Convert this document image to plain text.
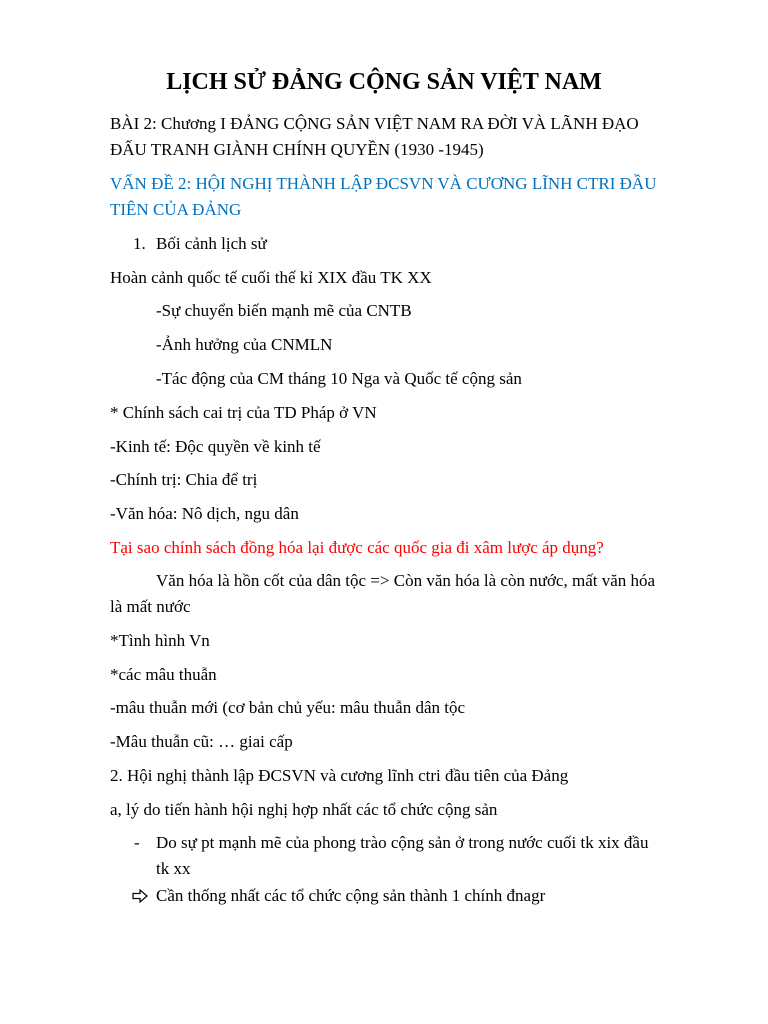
LỊCH SỬ ĐẢNG CỘNG SẢN VIỆT NAM

BÀI 2: Chương I ĐẢNG CỘNG SẢN VIỆT NAM RA ĐỜI VÀ LÃNH ĐẠO

ĐẤU TRANH GIÀNH CHÍNH QUYỀN (1930 -1945)

VẤN ĐỀ 2: HỘI NGHỊ THÀNH LẬP ĐCSVN VÀ CƯƠNG LĨNH CTRI ĐẦU

TIÊN CỦA ĐẢNG

1. Bối cảnh lịch sử

Hoàn cảnh quốc tế cuối thế kỉ XIX đầu TK XX

-Sự chuyển biến mạnh mẽ của CNTB

-Ảnh hưởng của CNMLN

-Tác động của CM tháng 10 Nga và Quốc tế cộng sản

* Chính sách cai trị của TD Pháp ở VN

-Kinh tế: Độc quyền về kinh tế

-Chính trị: Chia để trị

-Văn hóa: Nô dịch, ngu dân

Tại sao chính sách đồng hóa lại được các quốc gia đi xâm lược áp dụng?

Văn hóa là hồn cốt của dân tộc => Còn văn hóa là còn nước, mất văn hóa

là mất nước

*Tình hình Vn

*các mâu thuẫn

-mâu thuẫn mới (cơ bản chủ yếu: mâu thuẫn dân tộc

-Mâu thuẫn cũ: … giai cấp

2. Hội nghị thành lập ĐCSVN và cương lĩnh ctri đầu tiên của Đảng

a, lý do tiến hành hội nghị hợp nhất các tổ chức cộng sản

- Do sự pt mạnh mẽ của phong trào cộng sản ở trong nước cuối tk xix đầu

tk xx

Cần thống nhất các tổ chức cộng sản thành 1 chính đnagr
